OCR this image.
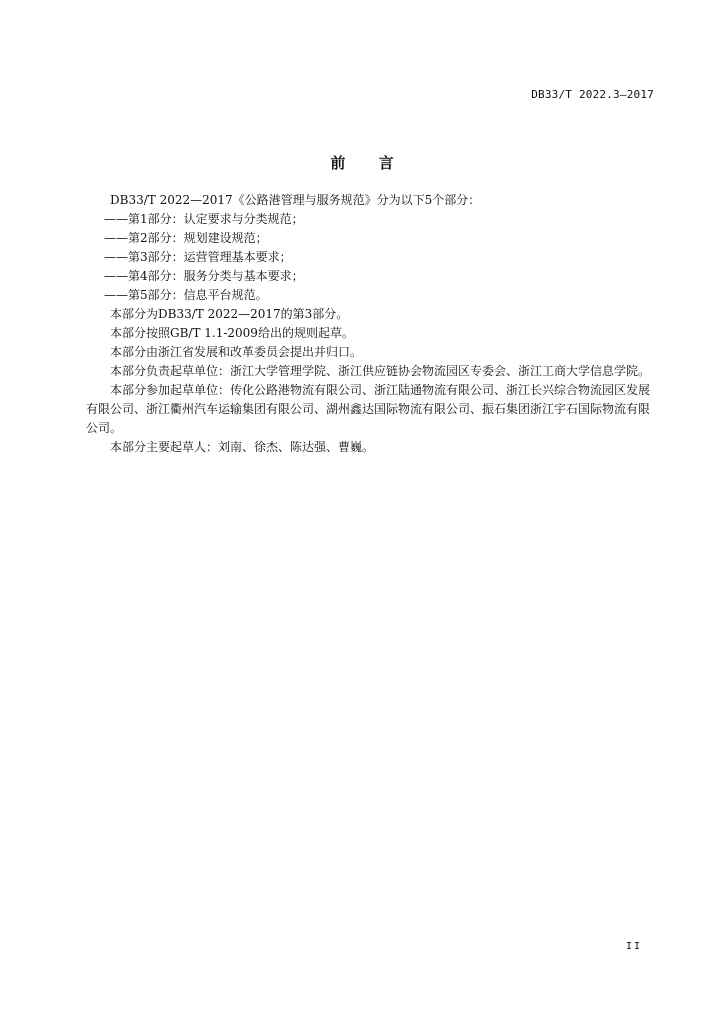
DB33/T 2022.3—2017
前 言

DB33/T 2022—2017《公路港管理与服务规范》分为以下5个部分：

——第1部分：认定要求与分类规范；

——第2部分：规划建设规范；

——第3部分：运营管理基本要求；

——第4部分：服务分类与基本要求；

——第5部分：信息平台规范。

本部分为DB33/T 2022—2017的第3部分。

本部分按照GB/T 1.1-2009给出的规则起草。

本部分由浙江省发展和改革委员会提出并归口。

本部分负责起草单位：浙江大学管理学院、浙江供应链协会物流园区专委会、浙江工商大学信息学院。

本部分参加起草单位：传化公路港物流有限公司、浙江陆通物流有限公司、浙江长兴综合物流园区发展有限公司、浙江衢州汽车运输集团有限公司、湖州鑫达国际物流有限公司、振石集团浙江宇石国际物流有限公司。

本部分主要起草人：刘南、徐杰、陈达强、曹巍。

II
